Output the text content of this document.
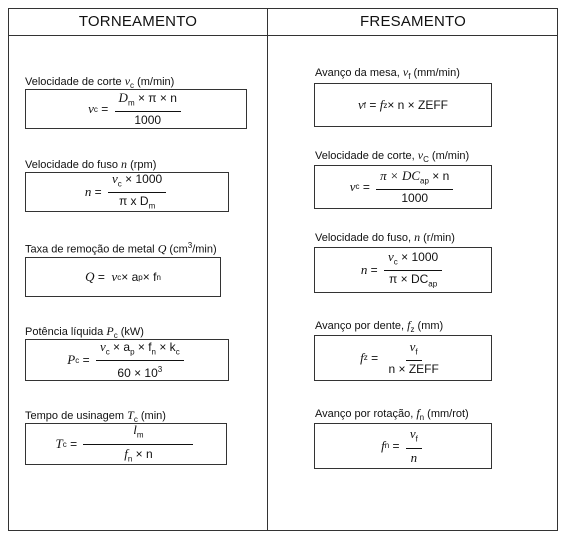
TORNEAMENTO	FRESAMENTO
Velocidade de corte $v_c$ (m/min)
v $c = \frac{D_m \times \pi \times n}{1000}$
Velocidade do fuso n (rpm)
$n = \frac{v_c \times 1000}{\pi x D_m}$
Taxa de remoção de metal Q $(cm^3/\min)$
Q = v c × a p × f n
Potência líquida $P_c$ (kW)
P $c = \frac{v_c \times a_p \times f_n \times k_c}{60 \times 10^3}$
Tempo de usinagem $T_c$ (min)
T $c = \frac{l_m}{f_n \times n}$
Avanço da mesa, $v_f$ (mm/min)
v f = f z × n × ZEFF
Velocidade de corte, $v_C$ (m/min)
v $c = \frac{\pi \times DC_{ap} \times n}{1000}$
Velocidade do fuso, n (r/min)
$n = \frac{v_c \times 1000}{\pi \times DC_{ap}}$
Avanço por dente, $f_z$ (mm)
f $z = \frac{v_f}{\text{n × ZEFF}}$
Avanço por rotação, $f_n$ (mm/rot)
f $n = \frac{v_f}{n}$
